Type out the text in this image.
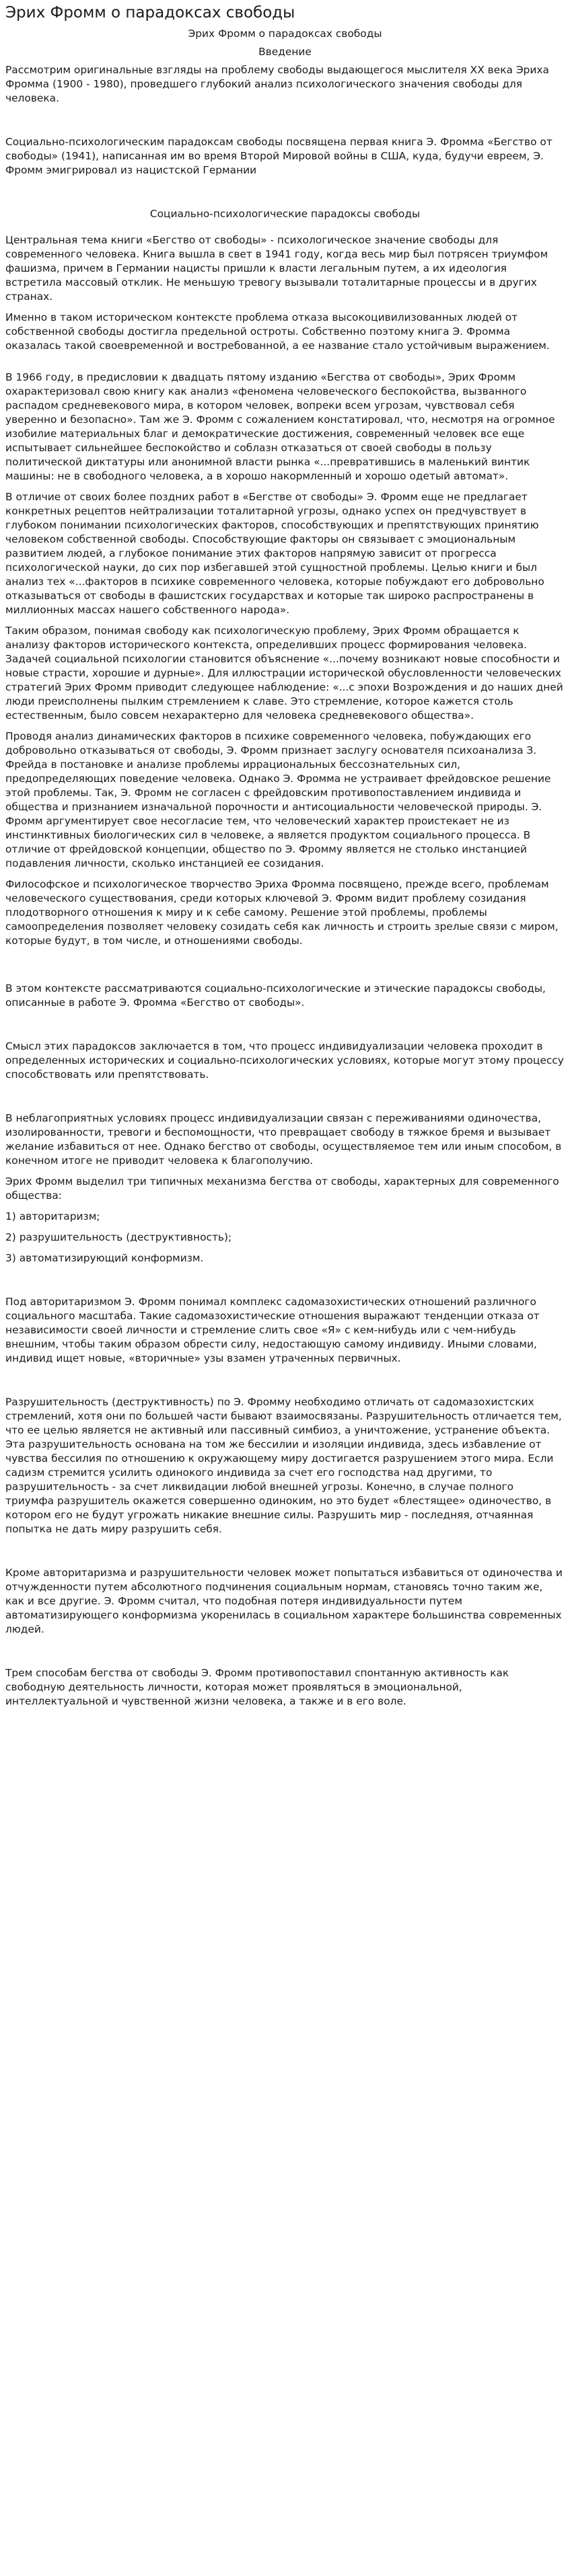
Эрих Фромм о парадоксах свободы

Эрих Фромм о парадоксах свободы

Введение

Рассмотрим оригинальные взгляды на проблему свободы выдающегося мыслителя XX века Эриха Фромма (1900 - 1980), проведшего глубокий анализ психологического значения свободы для человека.

Социально-психологическим парадоксам свободы посвящена первая книга Э. Фромма «Бегство от свободы» (1941), написанная им во время Второй Мировой войны в США, куда, будучи евреем, Э. Фромм эмигрировал из нацистской Германии

Социально-психологические парадоксы свободы

Центральная тема книги «Бегство от свободы» - психологическое значение свободы для современного человека. Книга вышла в свет в 1941 году, когда весь мир был потрясен триумфом фашизма, причем в Германии нацисты пришли к власти легальным путем, а их идеология встретила массовый отклик. Не меньшую тревогу вызывали тоталитарные процессы и в других странах.

Именно в таком историческом контексте проблема отказа высокоцивилизованных людей от собственной свободы достигла предельной остроты. Собственно поэтому книга Э. Фромма оказалась такой своевременной и востребованной, а ее название стало устойчивым выражением.

В 1966 году, в предисловии к двадцать пятому изданию «Бегства от свободы», Эрих Фромм охарактеризовал свою книгу как анализ «феномена человеческого беспокойства, вызванного распадом средневекового мира, в котором человек, вопреки всем угрозам, чувствовал себя уверенно и безопасно». Там же Э. Фромм с сожалением констатировал, что, несмотря на огромное изобилие материальных благ и демократические достижения, современный человек все еще испытывает сильнейшее беспокойство и соблазн отказаться от своей свободы в пользу политической диктатуры или анонимной власти рынка «...превратившись в маленький винтик машины: не в свободного человека, а в хорошо накормленный и хорошо одетый автомат».

В отличие от своих более поздних работ в «Бегстве от свободы» Э. Фромм еще не предлагает конкретных рецептов нейтрализации тоталитарной угрозы, однако успех он предчувствует в глубоком понимании психологических факторов, способствующих и препятствующих принятию человеком собственной свободы. Способствующие факторы он связывает с эмоциональным развитием людей, а глубокое понимание этих факторов напрямую зависит от прогресса психологической науки, до сих пор избегавшей этой сущностной проблемы. Целью книги и был анализ тех «...факторов в психике современного человека, которые побуждают его добровольно отказываться от свободы в фашистских государствах и которые так широко распространены в миллионных массах нашего собственного народа».

Таким образом, понимая свободу как психологическую проблему, Эрих Фромм обращается к анализу факторов исторического контекста, определивших процесс формирования человека. Задачей социальной психологии становится объяснение «...почему возникают новые способности и новые страсти, хорошие и дурные». Для иллюстрации исторической обусловленности человеческих стратегий Эрих Фромм приводит следующее наблюдение: «...с эпохи Возрождения и до наших дней люди преисполнены пылким стремлением к славе. Это стремление, которое кажется столь естественным, было совсем нехарактерно для человека средневекового общества».

Проводя анализ динамических факторов в психике современного человека, побуждающих его добровольно отказываться от свободы, Э. Фромм признает заслугу основателя психоанализа З. Фрейда в постановке и анализе проблемы иррациональных бессознательных сил, предопределяющих поведение человека. Однако Э. Фромма не устраивает фрейдовское решение этой проблемы. Так, Э. Фромм не согласен с фрейдовским противопоставлением индивида и общества и признанием изначальной порочности и антисоциальности человеческой природы. Э. Фромм аргументирует свое несогласие тем, что человеческий характер проистекает не из инстинктивных биологических сил в человеке, а является продуктом социального процесса. В отличие от фрейдовской концепции, общество по Э. Фромму является не столько инстанцией подавления личности, сколько инстанцией ее созидания.

Философское и психологическое творчество Эриха Фромма посвящено, прежде всего, проблемам человеческого существования, среди которых ключевой Э. Фромм видит проблему созидания плодотворного отношения к миру и к себе самому. Решение этой проблемы, проблемы самоопределения позволяет человеку созидать себя как личность и строить зрелые связи с миром, которые будут, в том числе, и отношениями свободы.

В этом контексте рассматриваются социально-психологические и этические парадоксы свободы, описанные в работе Э. Фромма «Бегство от свободы».

Смысл этих парадоксов заключается в том, что процесс индивидуализации человека проходит в определенных исторических и социально-психологических условиях, которые могут этому процессу способствовать или препятствовать.

В неблагоприятных условиях процесс индивидуализации связан с переживаниями одиночества, изолированности, тревоги и беспомощности, что превращает свободу в тяжкое бремя и вызывает желание избавиться от нее. Однако бегство от свободы, осуществляемое тем или иным способом, в конечном итоге не приводит человека к благополучию.

Эрих Фромм выделил три типичных механизма бегства от свободы, характерных для современного общества:

1) авторитаризм;

2) разрушительность (деструктивность);

3) автоматизирующий конформизм.

Под авторитаризмом Э. Фромм понимал комплекс садомазохистических отношений различного социального масштаба. Такие садомазохистические отношения выражают тенденции отказа от независимости своей личности и стремление слить свое «Я» с кем-нибудь или с чем-нибудь внешним, чтобы таким образом обрести силу, недостающую самому индивиду. Иными словами, индивид ищет новые, «вторичные» узы взамен утраченных первичных.

Разрушительность (деструктивность) по Э. Фромму необходимо отличать от садомазохистских стремлений, хотя они по большей части бывают взаимосвязаны. Разрушительность отличается тем, что ее целью является не активный или пассивный симбиоз, а уничтожение, устранение объекта. Эта разрушительность основана на том же бессилии и изоляции индивида, здесь избавление от чувства бессилия по отношению к окружающему миру достигается разрушением этого мира. Если садизм стремится усилить одинокого индивида за счет его господства над другими, то разрушительность - за счет ликвидации любой внешней угрозы. Конечно, в случае полного триумфа разрушитель окажется совершенно одиноким, но это будет «блестящее» одиночество, в котором его не будут угрожать никакие внешние силы. Разрушить мир - последняя, отчаянная попытка не дать миру разрушить себя.

Кроме авторитаризма и разрушительности человек может попытаться избавиться от одиночества и отчужденности путем абсолютного подчинения социальным нормам, становясь точно таким же, как и все другие. Э. Фромм считал, что подобная потеря индивидуальности путем автоматизирующего конформизма укоренилась в социальном характере большинства современных людей.

Трем способам бегства от свободы Э. Фромм противопоставил спонтанную активность как свободную деятельность личности, которая может проявляться в эмоциональной, интеллектуальной и чувственной жизни человека, а также и в его воле.
